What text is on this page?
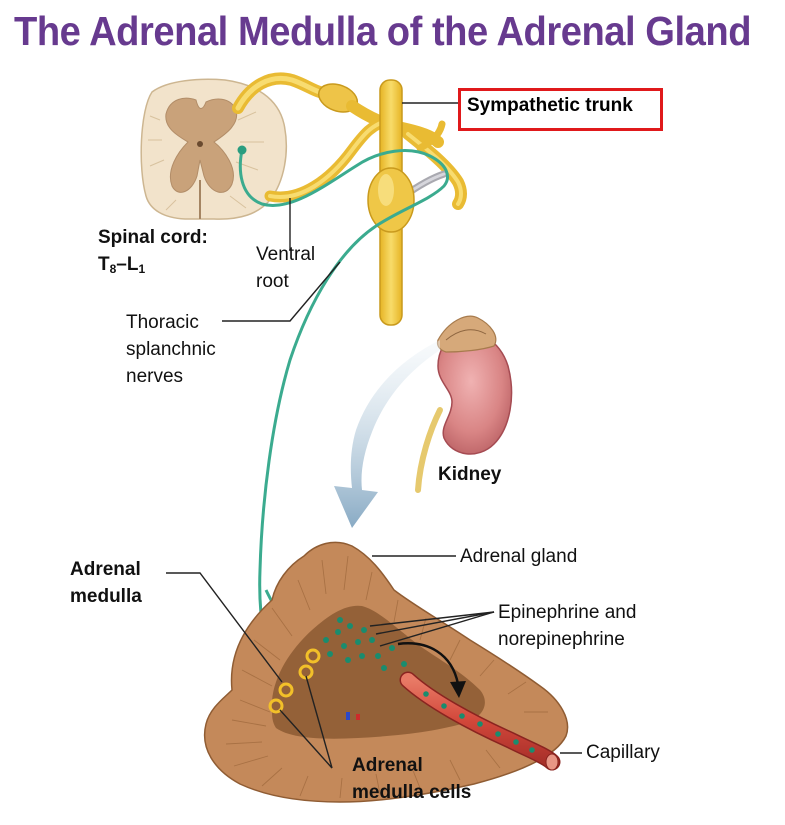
The Adrenal Medulla of the Adrenal Gland
Sympathetic trunk
Spinal cord:
$T_8-L_1$
Ventral
root
Thoracic
splanchnic
nerves
Kidney
Adrenal gland
Adrenal
medulla
Epinephrine and
norepinephrine
Capillary
Adrenal
medulla cells
